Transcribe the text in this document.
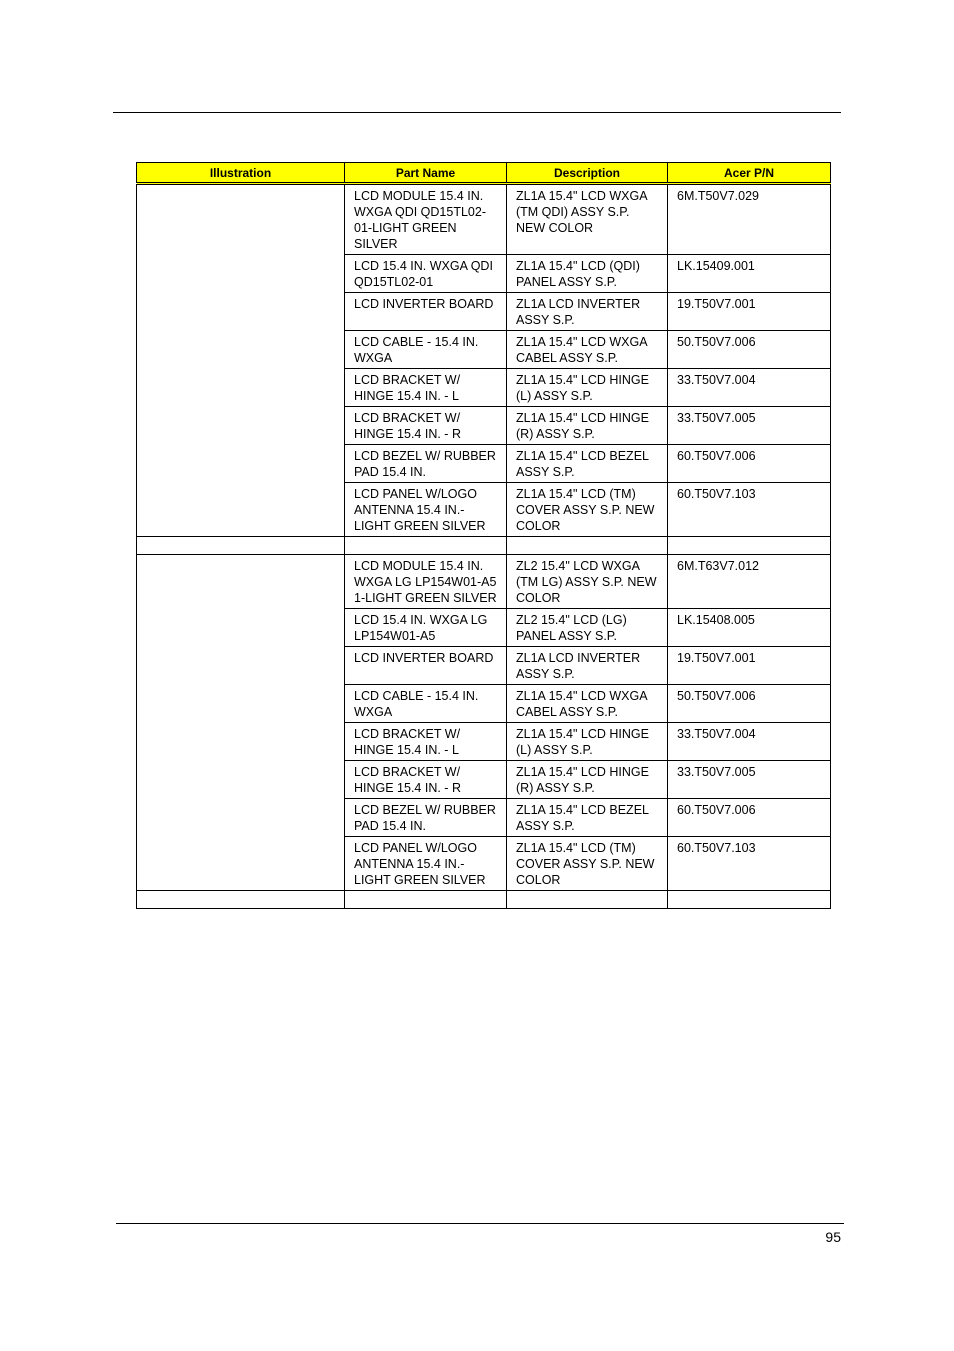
Illustration	Part Name	Description	Acer P/N
	LCD MODULE 15.4 IN. WXGA QDI QD15TL02-01-LIGHT GREEN SILVER	ZL1A 15.4" LCD WXGA (TM QDI) ASSY S.P. NEW COLOR	6M.T50V7.029
	LCD 15.4 IN. WXGA QDI QD15TL02-01	ZL1A 15.4" LCD (QDI) PANEL ASSY S.P.	LK.15409.001
	LCD INVERTER BOARD	ZL1A LCD INVERTER ASSY S.P.	19.T50V7.001
	LCD CABLE - 15.4 IN. WXGA	ZL1A 15.4" LCD WXGA CABEL ASSY S.P.	50.T50V7.006
	LCD BRACKET W/ HINGE 15.4 IN. - L	ZL1A 15.4" LCD HINGE (L) ASSY S.P.	33.T50V7.004
	LCD BRACKET W/ HINGE 15.4 IN. - R	ZL1A 15.4" LCD HINGE (R) ASSY S.P.	33.T50V7.005
	LCD BEZEL W/ RUBBER PAD 15.4 IN.	ZL1A 15.4" LCD BEZEL ASSY S.P.	60.T50V7.006
	LCD PANEL W/LOGO ANTENNA 15.4 IN.- LIGHT GREEN SILVER	ZL1A 15.4" LCD (TM) COVER ASSY S.P. NEW COLOR	60.T50V7.103

	LCD MODULE 15.4 IN. WXGA LG LP154W01-A5 1-LIGHT GREEN SILVER	ZL2 15.4" LCD WXGA (TM LG) ASSY S.P. NEW COLOR	6M.T63V7.012
	LCD 15.4 IN. WXGA LG LP154W01-A5	ZL2 15.4" LCD (LG) PANEL ASSY S.P.	LK.15408.005
	LCD INVERTER BOARD	ZL1A LCD INVERTER ASSY S.P.	19.T50V7.001
	LCD CABLE - 15.4 IN. WXGA	ZL1A 15.4" LCD WXGA CABEL ASSY S.P.	50.T50V7.006
	LCD BRACKET W/ HINGE 15.4 IN. - L	ZL1A 15.4" LCD HINGE (L) ASSY S.P.	33.T50V7.004
	LCD BRACKET W/ HINGE 15.4 IN. - R	ZL1A 15.4" LCD HINGE (R) ASSY S.P.	33.T50V7.005
	LCD BEZEL W/ RUBBER PAD 15.4 IN.	ZL1A 15.4" LCD BEZEL ASSY S.P.	60.T50V7.006
	LCD PANEL W/LOGO ANTENNA 15.4 IN.- LIGHT GREEN SILVER	ZL1A 15.4" LCD (TM) COVER ASSY S.P. NEW COLOR	60.T50V7.103

95
